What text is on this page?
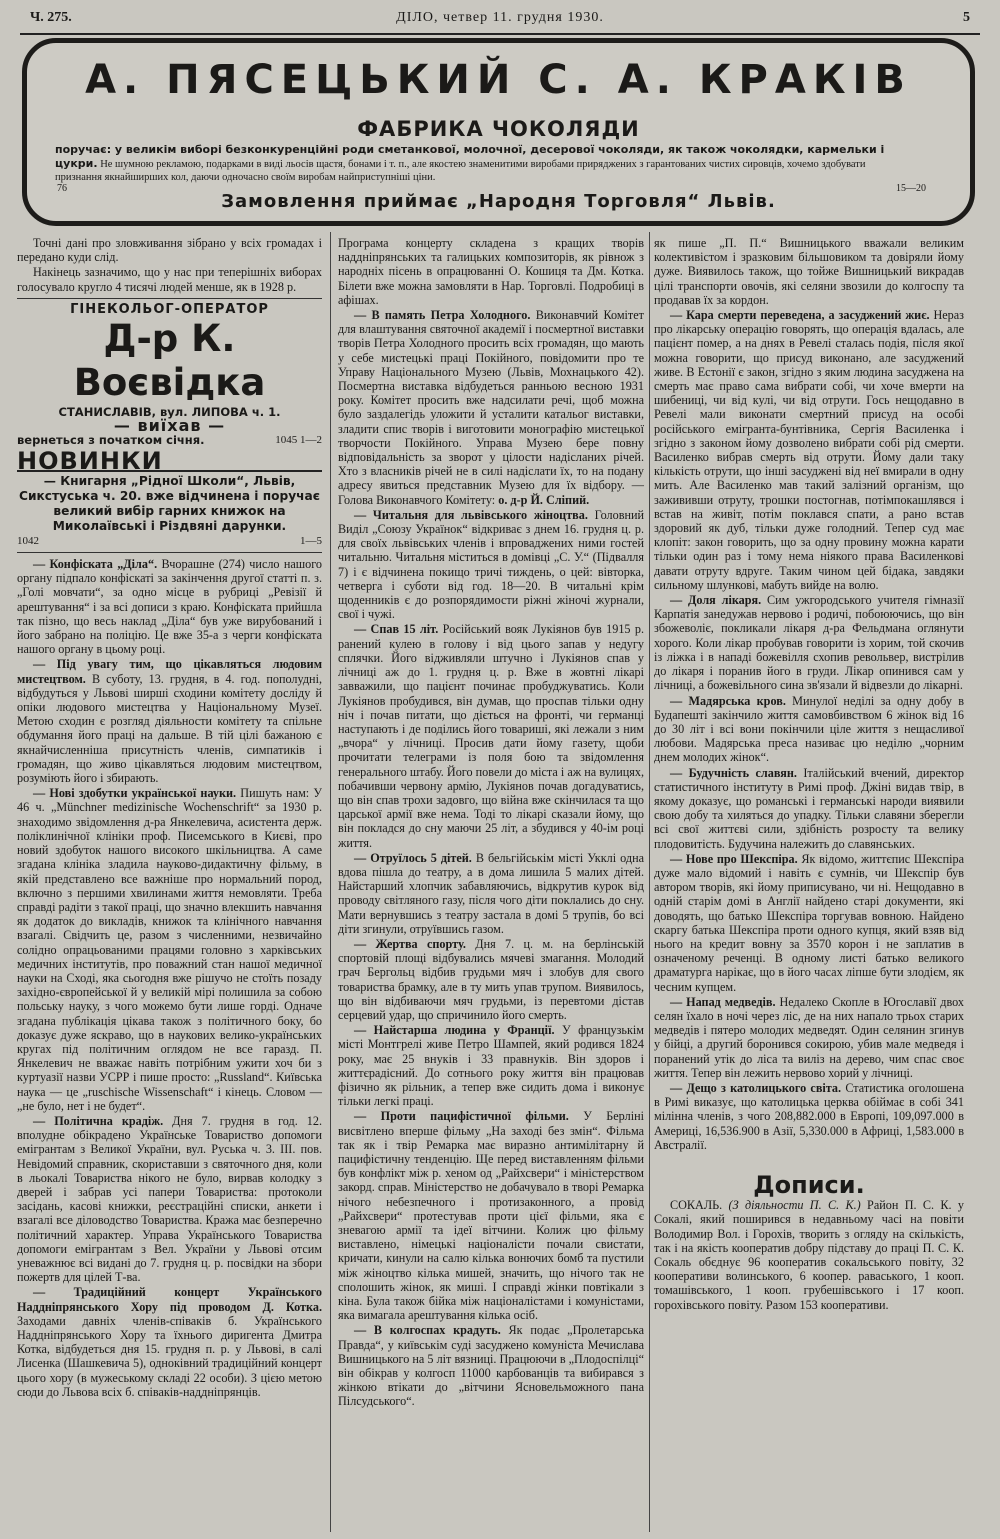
Ч. 275.	ДІЛО, четвер 11. грудня 1930.	5
А. ПЯСЕЦЬКИЙ С. А. КРАКІВ
ФАБРИКА ЧОКОЛЯДИ
поручає: у великім виборі безконкуренційні роди сметанкової, молочної, десерової чоколяди, як також чоколядки, кармельки і цукри. Не шумною рекламою, подарками в виді льосів щастя, бонами і т. п., але якостею знаменитими виробами приряджених з гарантованих чистих сировців, хочемо здобувати признання якнайширших кол, даючи одночасно своїм виробам найприступніші ціни.
76	15—20
Замовлення приймає „Народня Торговля“ Львів.

Точні дані про зловживання зібрано у всіх громадах і передано куди слід.

Накінець зазначимо, що у нас при теперішніх виборах голосувало кругло 4 тисячі людей менше, як в 1928 р.

ГІНЕКОЛЬОГ-ОПЕРАТОР
Д-р К. Воєвідка
СТАНИСЛАВІВ, вул. ЛИПОВА ч. 1.
— виїхав —
вернеться з початком січня.	1045 1—2
НОВИНКИ
— Книгарня „Рідної Школи“, Львів, Сикстуська ч. 20. вже відчинена і поручає великий вибір гарних книжок на Миколаївські і Різдвяні дарунки.
1042	1—5

— Конфіската „Діла“. Вчорашне (274) число нашого органу підпало конфіскаті за закінчення другої статті п. з. „Голі мовчати“, за одно місце в рубриці „Ревізії й арештування“ і за всі дописи з краю. Конфіската прийшла так пізно, що весь наклад „Діла“ був уже вирубований і його забрано на поліцію. Це вже 35-а з черги конфіската нашого органу в цьому році.

— Під увагу тим, що цікавляться людовим мистецтвом. В суботу, 13. грудня, в 4. год. пополудні, відбудуться у Львові ширші сходини комітету досліду й опіки людового мистецтва у Національному Музеї. Метою сходин є розгляд діяльности комітету та спільне обдумання його праці на дальше. В тій цілі бажаною є якнайчисленніша присутність членів, симпатиків і громадян, що живо цікавляться людовим мистецтвом, розуміють його і збирають.

— Нові здобутки української науки. Пишуть нам: У 46 ч. „Münchner medizinische Wochenschrift“ за 1930 р. знаходимо звідомлення д-ра Янкелевича, асистента держ. поліклинічної клініки проф. Писемського в Києві, про новий здобуток нашого високого шкільництва. А саме згадана клініка зладила науково-дидактичну фільму, в якій представлено все важніше про нормальний пород, включно з першими хвилинами життя немовляти. Треба справді радіти з такої праці, що значно влекшить навчання як додаток до викладів, книжок та клінічного навчання взагалі. Свідчить це, разом з численними, незвичайно солідно опрацьованими працями головно з харківських медичних інститутів, про поважний стан нашої медичної науки на Сході, яка сьогодня вже рішучо не стоїть позаду західно-європейської й у великій мірі полишила за собою польську науку, з чого можемо бути лише горді. Одначе згадана публікація цікава також з політичного боку, бо доказує дуже яскраво, що в наукових велико-українських кругах під політичним оглядом не все гаразд. П. Янкелевич не вважає навіть потрібним ужити хоч би з куртуазії назви УСРР і пише просто: „Russland“. Київська наука — це „ruschische Wissenschaft“ і кінець. Словом — „не було, нет і не будет“.

— Політична крадіж. Дня 7. грудня в год. 12. вполудне обікрадено Українське Товариство допомоги емігрантам з Великої України, вул. Руська ч. 3. ІІІ. пов. Невідомий справник, скориставши з святочного дня, коли в льокалі Товариства нікого не було, вирвав колодку з дверей і забрав усі папери Товариства: протоколи засідань, касові книжки, реєстраційні списки, анкети і взагалі все діловодство Товариства. Кража має безперечно політичний характер. Управа Українського Товариства допомоги емігрантам з Вел. України у Львові отсим уневажнює всі видані до 7. грудня ц. р. посвідки на збори пожертв для цілей Т-ва.

— Традиційний концерт Українського Наддніпрянського Хору під проводом Д. Котка. Заходами давніх членів-співаків б. Українського Наддніпрянського Хору та їхнього диригента Дмитра Котка, відбудеться дня 15. грудня п. р. у Львові, в салі Лисенка (Шашкевича 5), одноківний традиційний концерт цього хору (в мужеському складі 22 особи). З цією метою сюди до Львова всіх б. співаків-наддніпрянців.

Програма концерту складена з кращих творів наддніпрянських та галицьких композиторів, як рівнож з народніх пісень в опрацюванні О. Кошиця та Дм. Котка. Білети вже можна замовляти в Нар. Торговлі. Подробиці в афішах.

— В память Петра Холодного. Виконавчий Комітет для влаштування святочної академії і посмертної виставки творів Петра Холодного просить всіх громадян, що мають у себе мистецькі праці Покійного, повідомити про те Управу Національного Музею (Львів, Мохнацького 42). Посмертна виставка відбудеться ранньою весною 1931 року. Комітет просить вже надсилати речі, щоб можна було заздалегідь уложити й усталити катальог виставки, зладити спис творів і виготовити монографію мистецької творчости Покійного. Управа Музею бере повну відповідальність за зворот у цілости надісланих річей. Хто з власників річей не в силі надіслати їх, то на подану адресу явиться представник Музею для їх відбору. — Голова Виконавчого Комітету: о. д-р Й. Сліпий.

— Читальня для львівського жіноцтва. Головний Виділ „Союзу Українок“ відкриває з днем 16. грудня ц. р. для своїх львівських членів і впроваджених ними гостей читальню. Читальня міститься в домівці „С. У.“ (Підвалля 7) і є відчинена покищо тричі тиждень, о цей: вівторка, четверга і суботи від год. 18—20. В читальні крім щоденників є до розпорядимости ріжні жіночі журнали, свої і чужі.

— Спав 15 літ. Російський вояк Лукіянов був 1915 р. ранений кулею в голову і від цього запав у недугу сплячки. Його відживляли штучно і Лукіянов спав у лічниці аж до 1. грудня ц. р. Вже в жовтні лікарі завважили, що пацієнт починає пробуджуватись. Коли Лукіянов пробудився, він думав, що проспав тільки одну ніч і почав питати, що діється на фронті, чи германці наступають і де поділись його товариші, які лежали з ним „вчора“ у лічниці. Просив дати йому газету, щоби прочитати телеграми із поля бою та звідомлення генерального штабу. Його повели до міста і аж на вулицях, побачивши червону армію, Лукіянов почав догадуватись, що він спав трохи задовго, що війна вже скінчилася та що царської армії вже нема. Тоді то лікарі сказали йому, що він покладся до сну маючи 25 літ, а збудився у 40-ім році життя.

— Отруїлось 5 дітей. В бельгійськім місті Укклі одна вдова пішла до театру, а в дома лишила 5 малих дітей. Найстарший хлопчик забавляючись, відкрутив курок від проводу світляного газу, після чого діти поклались до сну. Мати вернувшись з театру застала в домі 5 трупів, бо всі діти згинули, отруївшись газом.

— Жертва спорту. Дня 7. ц. м. на берлінській спортовій площі відбувались мячеві змагання. Молодий грач Бергольц відбив грудьми мяч і злобув для свого товариства брамку, але в ту мить упав трупом. Виявилось, що він відбиваючи мяч грудьми, із перевтоми дістав серцевий удар, що спричинило його смерть.

— Найстарша людина у Франції. У французькім місті Монтгрелі живе Петро Шампей, який родився 1824 року, має 25 внуків і 33 правнуків. Він здоров і життєрадісний. До сотнього року життя він працював фізично як рільник, а тепер вже сидить дома і виконує тільки легкі праці.

— Проти пацифістичної фільми. У Берліні висвітлено вперше фільму „На заході без змін“. Фільма так як і твір Ремарка має виразно антимілітарну й пацифістичну тенденцію. Ще перед виставленням фільми був конфлікт між р. хеном од „Райхсвери“ і міністерством закорд. справ. Міністерство не добачувало в творі Ремарка нічого небезпечного і протизаконного, а провід „Райхсвери“ протестував проти цієї фільми, яка є зневагою армії та ідеї вітчини. Колиж цю фільму виставлено, німецькі націоналісти почали свистати, кричати, кинули на салю кілька вонючих бомб та пустили між жіноцтво кілька мишей, значить, що нічого так не сполошить жінок, як миші. І справді жінки повтікали з кіна. Була також бійка між націоналістами і комуністами, яка вимагала арештування кілька осіб.

— В колгоспах крадуть. Як подає „Пролетарська Правда“, у київськім суді засуджено комуніста Мечислава Вишницького на 5 літ вязниці. Працюючи в „Плодоспілці“ він обікрав у колгосп 11000 карбованців та вибирався з жінкою втікати до „вітчини Ясновельможного пана Пілсудського“.

як пише „П. П.“ Вишницького вважали великим колективістом і зразковим більшовиком та довіряли йому дуже. Виявилось також, що тойже Вишницький викрадав цілі транспорти овочів, які селяни звозили до колгоспу та продавав їх за кордон.

— Кара смерти переведена, а засуджений жиє. Нераз про лікарську операцію говорять, що операція вдалась, але пацієнт помер, а на днях в Ревелі сталась подія, після якої можна говорити, що присуд виконано, але засуджений живе. В Естонії є закон, згідно з яким людина засуджена на смерть має право сама вибрати собі, чи хоче вмерти на шибениці, чи від кулі, чи від отрути. Гось нещодавно в Ревелі мали виконати смертний присуд на особі російського емігранта-бунтівника, Сергія Василенка і згідно з законом йому дозволено вибрати собі рід смерти. Василенко вибрав смерть від отрути. Йому дали таку кількість отрути, що інші засуджені від неї вмирали в одну мить. Але Василенко мав такий залізний організм, що зажививши отруту, трошки постогнав, потімпокашлявся і встав на живіт, потім поклався спати, а рано встав здоровий як дуб, тільки дуже голодний. Тепер суд має клопіт: закон говорить, що за одну провину можна карати тільки один раз і тому нема ніякого права Василенкові давати отруту вдруге. Таким чином цей бідака, завдяки сильному шлункові, мабуть вийде на волю.

— Доля лікаря. Сим ужгородського учителя гімназії Карпатія занедужав нервово і родичі, побоюючись, що він збожеволіє, покликали лікаря д-ра Фельдмана оглянути хорого. Коли лікар пробував говорити із хорим, той скочив із ліжка і в нападі божевілля схопив револьвер, вистрілив до лікаря і поранив його в груди. Лікар опинився сам у лічниці, а божевільного сина зв'язали й відвезли до лікарні.

— Мадярська кров. Минулої неділі за одну добу в Будапешті закінчило життя самовбивством 6 жінок від 16 до 30 літ і всі вони покінчили ціле життя з нещасливої любови. Мадярська преса називає цю неділю „чорним днем молодих жінок“.

— Будучність славян. Італійський вчений, директор статистичного інституту в Римі проф. Джіні видав твір, в якому доказує, що романські і германські народи виявили свою добу та хиляться до упадку. Тільки славяни зберегли всі свої життєві сили, здібність розросту та велику плодовитість. Будучина належить до славянських.

— Нове про Шекспіра. Як відомо, життєпис Шекспіра дуже мало відомий і навіть є сумнів, чи Шекспір був автором творів, які йому приписувано, чи ні. Нещодавно в одній старім домі в Англії найдено старі документи, які доводять, що батько Шекспіра торгував вовною. Найдено скаргу батька Шекспіра проти одного купця, який взяв від нього на кредит вовну за 3570 корон і не заплатив в означеному реченці. В одному листі батько великого драматурга нарікає, що в його часах ліпше бути злодієм, як чесним купцем.

— Напад медведів. Недалеко Скопле в Югославії двох селян їхало в ночі через ліс, де на них напало трьох старих медведів і пятеро молодих медведят. Один селянин згинув у бійці, а другий боронився сокирою, убив мале медведя і поранений утік до ліса та виліз на дерево, чим спас своє життя. Тепер він лежить нервово хорий у лічниці.

— Дещо з католицького світа. Статистика оголошена в Римі виказує, що католицька церква обіймає в собі 341 мілінна членів, з чого 208,882.000 в Европі, 109,097.000 в Америці, 16,536.900 в Азії, 5,330.000 в Африці, 1,583.000 в Австралії.

Дописи.

СОКАЛЬ. (З діяльности П. С. К.) Район П. С. К. у Сокалі, який поширився в недавньому часі на повіти Володимир Вол. і Горохів, творить з огляду на скількість, так і на якість кооператив добру підставу до праці П. С. К. Сокаль обєднує 96 кооператив сокальського повіту, 32 кооперативи волинського, 6 коопер. раваського, 1 кооп. томашівського, 1 кооп. грубешівського і 17 кооп. горохівського повіту. Разом 153 кооперативи.
